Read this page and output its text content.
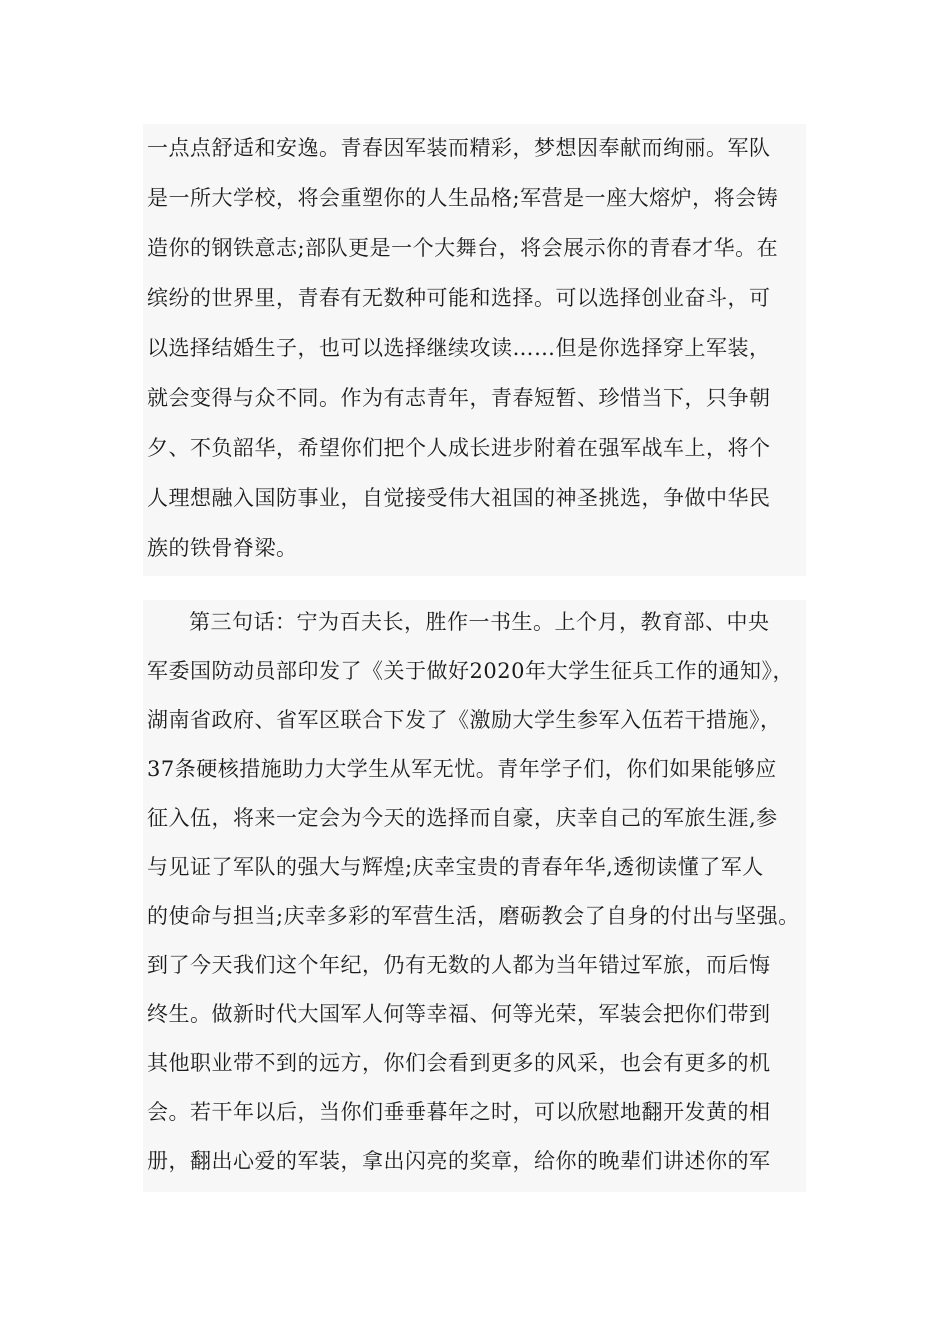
一点点舒适和安逸。青春因军装而精彩，梦想因奉献而绚丽。军队
是一所大学校，将会重塑你的人生品格;军营是一座大熔炉，将会铸
造你的钢铁意志;部队更是一个大舞台，将会展示你的青春才华。在
缤纷的世界里，青春有无数种可能和选择。可以选择创业奋斗，可
以选择结婚生子，也可以选择继续攻读……但是你选择穿上军装，
就会变得与众不同。作为有志青年，青春短暂、珍惜当下，只争朝
夕、不负韶华，希望你们把个人成长进步附着在强军战车上，将个
人理想融入国防事业，自觉接受伟大祖国的神圣挑选，争做中华民
族的铁骨脊梁。
第三句话：宁为百夫长，胜作一书生。上个月，教育部、中央
军委国防动员部印发了《关于做好2020年大学生征兵工作的通知》，
湖南省政府、省军区联合下发了《激励大学生参军入伍若干措施》，
37条硬核措施助力大学生从军无忧。青年学子们，你们如果能够应
征入伍，将来一定会为今天的选择而自豪，庆幸自己的军旅生涯,参
与见证了军队的强大与辉煌;庆幸宝贵的青春年华,透彻读懂了军人
的使命与担当;庆幸多彩的军营生活，磨砺教会了自身的付出与坚强。
到了今天我们这个年纪，仍有无数的人都为当年错过军旅，而后悔
终生。做新时代大国军人何等幸福、何等光荣，军装会把你们带到
其他职业带不到的远方，你们会看到更多的风采，也会有更多的机
会。若干年以后，当你们垂垂暮年之时，可以欣慰地翻开发黄的相
册，翻出心爱的军装，拿出闪亮的奖章，给你的晚辈们讲述你的军
